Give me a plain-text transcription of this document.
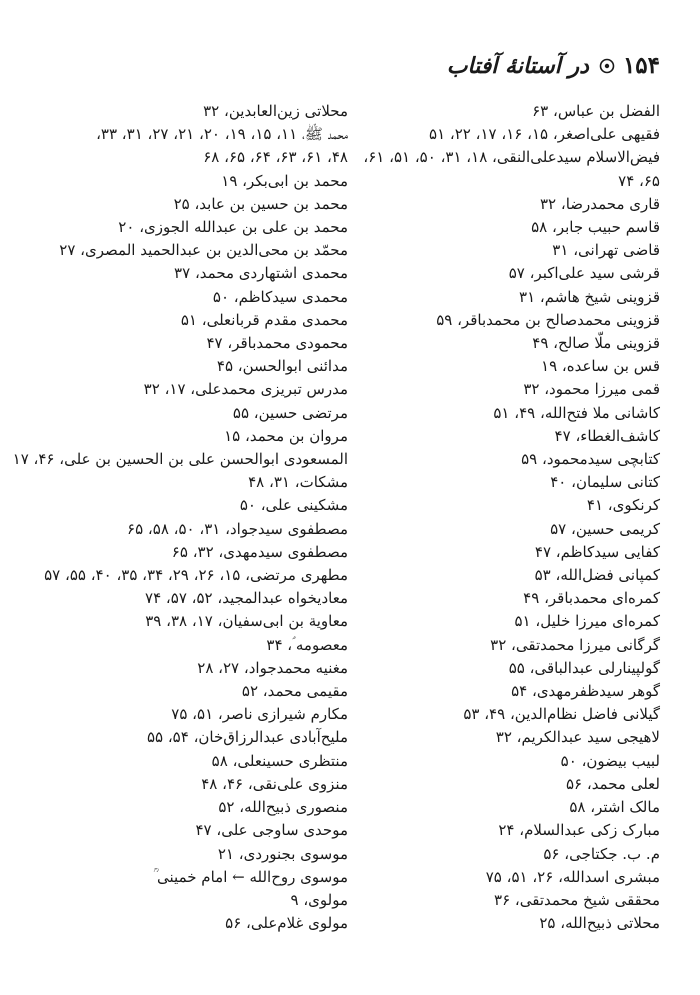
۱۵۴
در آستانهٔ آفتاب
الفضل بن عباس، ۶۳
فقیهی علی‌اصغر، ۱۵، ۱۶، ۱۷، ۲۲، ۵۱
فیض‌الاسلام سیدعلی‌النقی، ۱۸، ۳۱، ۵۰، ۵۱، ۶۱،
۶۵، ۷۴
قاری محمدرضا، ۳۲
قاسم حبیب جابر، ۵۸
قاضی تهرانی، ۳۱
قرشی سید علی‌اکبر، ۵۷
قزوینی شیخ هاشم، ۳۱
قزوینی محمدصالح بن محمدباقر، ۵۹
قزوینی ملّا صالح، ۴۹
قس بن ساعده، ۱۹
قمی میرزا محمود، ۳۲
کاشانی ملا فتح‌الله، ۴۹، ۵۱
کاشف‌الغطاء، ۴۷
کتابچی سیدمحمود، ۵۹
کتانی سلیمان، ۴۰
کرنکوی، ۴۱
کریمی حسین، ۵۷
کفایی سیدکاظم، ۴۷
کمپانی فضل‌الله، ۵۳
کمره‌ای محمدباقر، ۴۹
کمره‌ای میرزا خلیل، ۵۱
گرگانی میرزا محمدتقی، ۳۲
گولپینارلی عبدالباقی، ۵۵
گوهر سیدظفرمهدی، ۵۴
گیلانی فاضل نظام‌الدین، ۴۹، ۵۳
لاهیجی سید عبدالکریم، ۳۲
لبیب بیضون، ۵۰
لعلی محمد، ۵۶
مالک اشتر، ۵۸
مبارک زکی عبدالسلام، ۲۴
م. ب. جکتاجی، ۵۶
مبشری اسدالله، ۲۶، ۵۱، ۷۵
محققی شیخ محمدتقی، ۳۶
محلاتی ذبیح‌الله، ۲۵
محلاتی زین‌العابدین، ۳۲
محمد ﷺ، ۱۱، ۱۵، ۱۹، ۲۰، ۲۱، ۲۷، ۳۱، ۳۳،
۴۸، ۶۱، ۶۳، ۶۴، ۶۵، ۶۸
محمد بن ابی‌بکر، ۱۹
محمد بن حسین بن عابد، ۲۵
محمد بن علی بن عبدالله الجوزی، ۲۰
محمّد بن محی‌الدین بن عبدالحمید المصری، ۲۷
محمدی اشتهاردی محمد، ۳۷
محمدی سیدکاظم، ۵۰
محمدی مقدم قربانعلی، ۵۱
محمودی محمدباقر، ۴۷
مدائنی ابوالحسن، ۴۵
مدرس تبریزی محمدعلی، ۱۷، ۳۲
مرتضی حسین، ۵۵
مروان بن محمد، ۱۵
المسعودی ابوالحسن علی بن الحسین بن علی، ۴۶، ۱۷
مشکات، ۳۱، ۴۸
مشکینی علی، ۵۰
مصطفوی سیدجواد، ۳۱، ۵۰، ۵۸، ۶۵
مصطفوی سیدمهدی، ۳۲، ۶۵
مطهری مرتضی، ۱۵، ۲۶، ۲۹، ۳۴، ۳۵، ۴۰، ۵۵، ۵۷
معادیخواه عبدالمجید، ۵۲، ۵۷، ۷۴
معاویة بن ابی‌سفیان، ۱۷، ۳۸، ۳۹
معصومه ؑ، ۳۴
مغنیه محمدجواد، ۲۷، ۲۸
مقیمی محمد، ۵۲
مکارم شیرازی ناصر، ۵۱، ۷۵
ملیح‌آبادی عبدالرزاق‌خان، ۵۴، ۵۵
منتظری حسینعلی، ۵۸
منزوی علی‌نقی، ۴۶، ۴۸
منصوری ذبیح‌الله، ۵۲
موحدی ساوجی علی، ۴۷
موسوی بجنوردی، ۲۱
موسوی روح‌الله ← امام خمینی ؒ
مولوی، ۹
مولوی غلام‌علی، ۵۶
